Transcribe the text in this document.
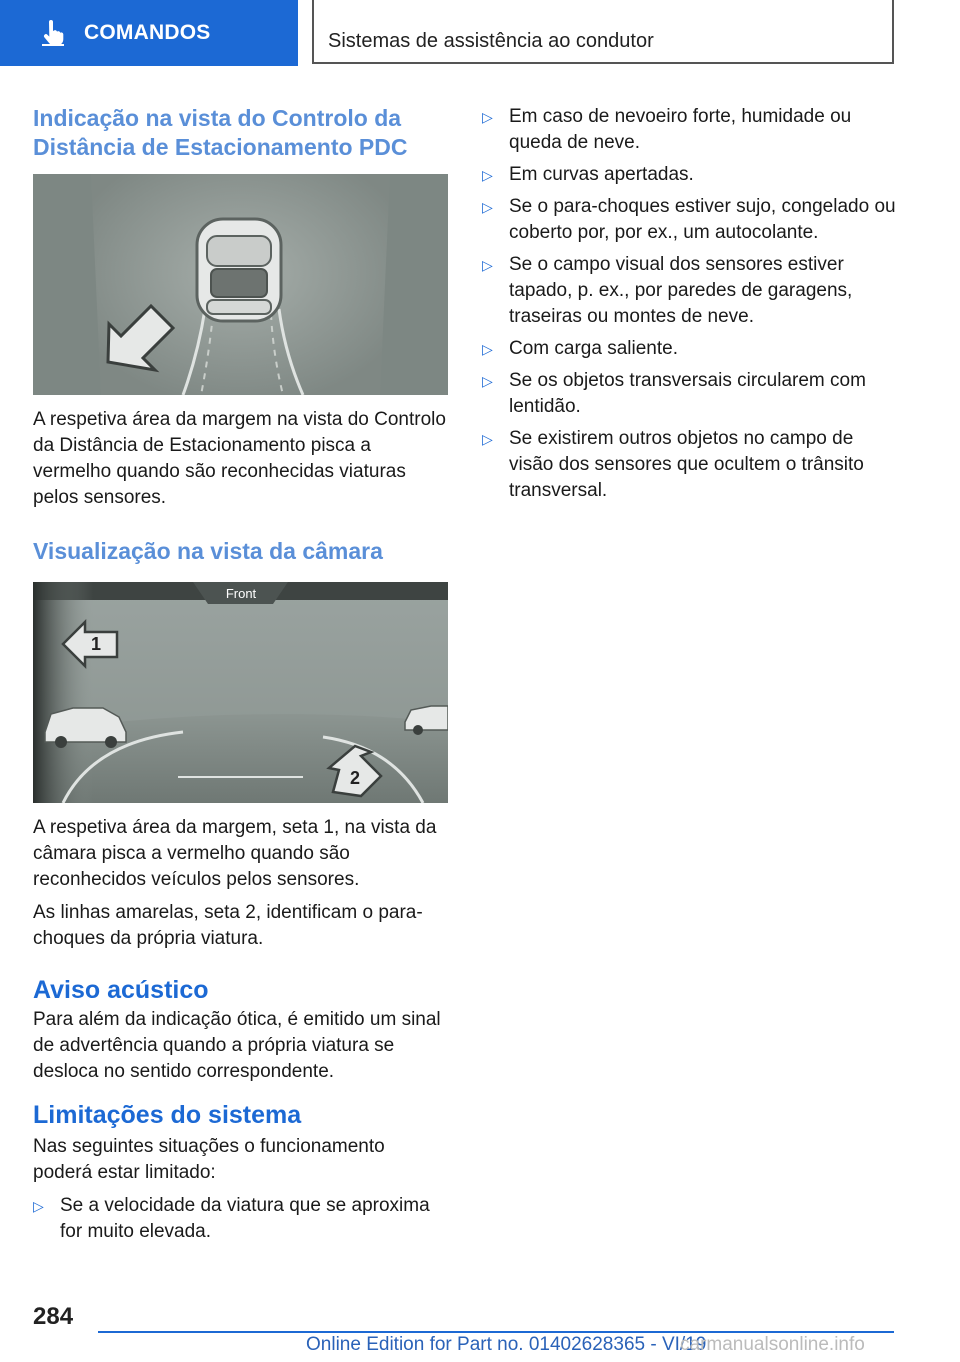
COMANDOS	Sistemas de assistência ao condutor
Indicação na vista do Controlo da Distância de Estacionamento PDC

A respetiva área da margem na vista do Controlo da Distância de Estacionamento pisca a vermelho quando são reconhecidas viaturas pelos sensores.

Visualização na vista da câmara
Front
1
2

A respetiva área da margem, seta 1, na vista da câmara pisca a vermelho quando são reconhecidos veículos pelos sensores.

As linhas amarelas, seta 2, identificam o para-choques da própria viatura.

Aviso acústico

Para além da indicação ótica, é emitido um sinal de advertência quando a própria viatura se desloca no sentido correspondente.

Limitações do sistema

Nas seguintes situações o funcionamento poderá estar limitado:

▷ Se a velocidade da viatura que se aproxima for muito elevada.
▷ Em caso de nevoeiro forte, humidade ou queda de neve.
▷ Em curvas apertadas.
▷ Se o para-choques estiver sujo, congelado ou coberto por, por ex., um autocolante.
▷ Se o campo visual dos sensores estiver tapado, p. ex., por paredes de garagens, traseiras ou montes de neve.
▷ Com carga saliente.
▷ Se os objetos transversais circularem com lentidão.
▷ Se existirem outros objetos no campo de visão dos sensores que ocultem o trânsito transversal.
284
Online Edition for Part no. 01402628365 - VI/19
carmanualsonline.info
